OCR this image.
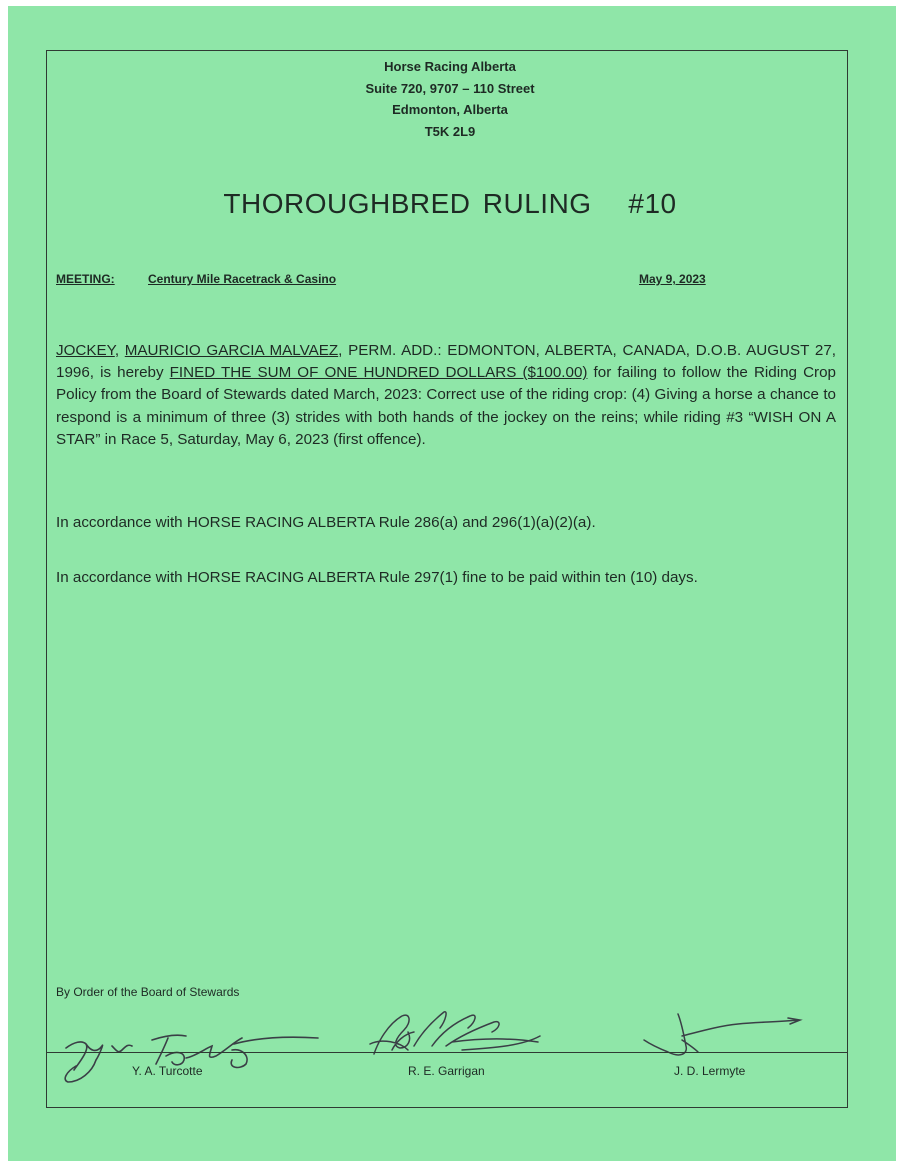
Horse Racing Alberta
Suite 720, 9707 – 110 Street
Edmonton, Alberta
T5K 2L9
THOROUGHBRED RULING   #10
MEETING:	Century Mile Racetrack & Casino	May 9, 2023
JOCKEY, MAURICIO GARCIA MALVAEZ, PERM. ADD.: EDMONTON, ALBERTA, CANADA, D.O.B. AUGUST 27, 1996, is hereby FINED THE SUM OF ONE HUNDRED DOLLARS ($100.00) for failing to follow the Riding Crop Policy from the Board of Stewards dated March, 2023: Correct use of the riding crop: (4) Giving a horse a chance to respond is a minimum of three (3) strides with both hands of the jockey on the reins; while riding #3 “WISH ON A STAR” in Race 5, Saturday, May 6, 2023 (first offence).
In accordance with HORSE RACING ALBERTA Rule 286(a) and 296(1)(a)(2)(a).
In accordance with HORSE RACING ALBERTA Rule 297(1) fine to be paid within ten (10) days.
By Order of the Board of Stewards
Y. A. Turcotte	R. E. Garrigan	J. D. Lermyte
